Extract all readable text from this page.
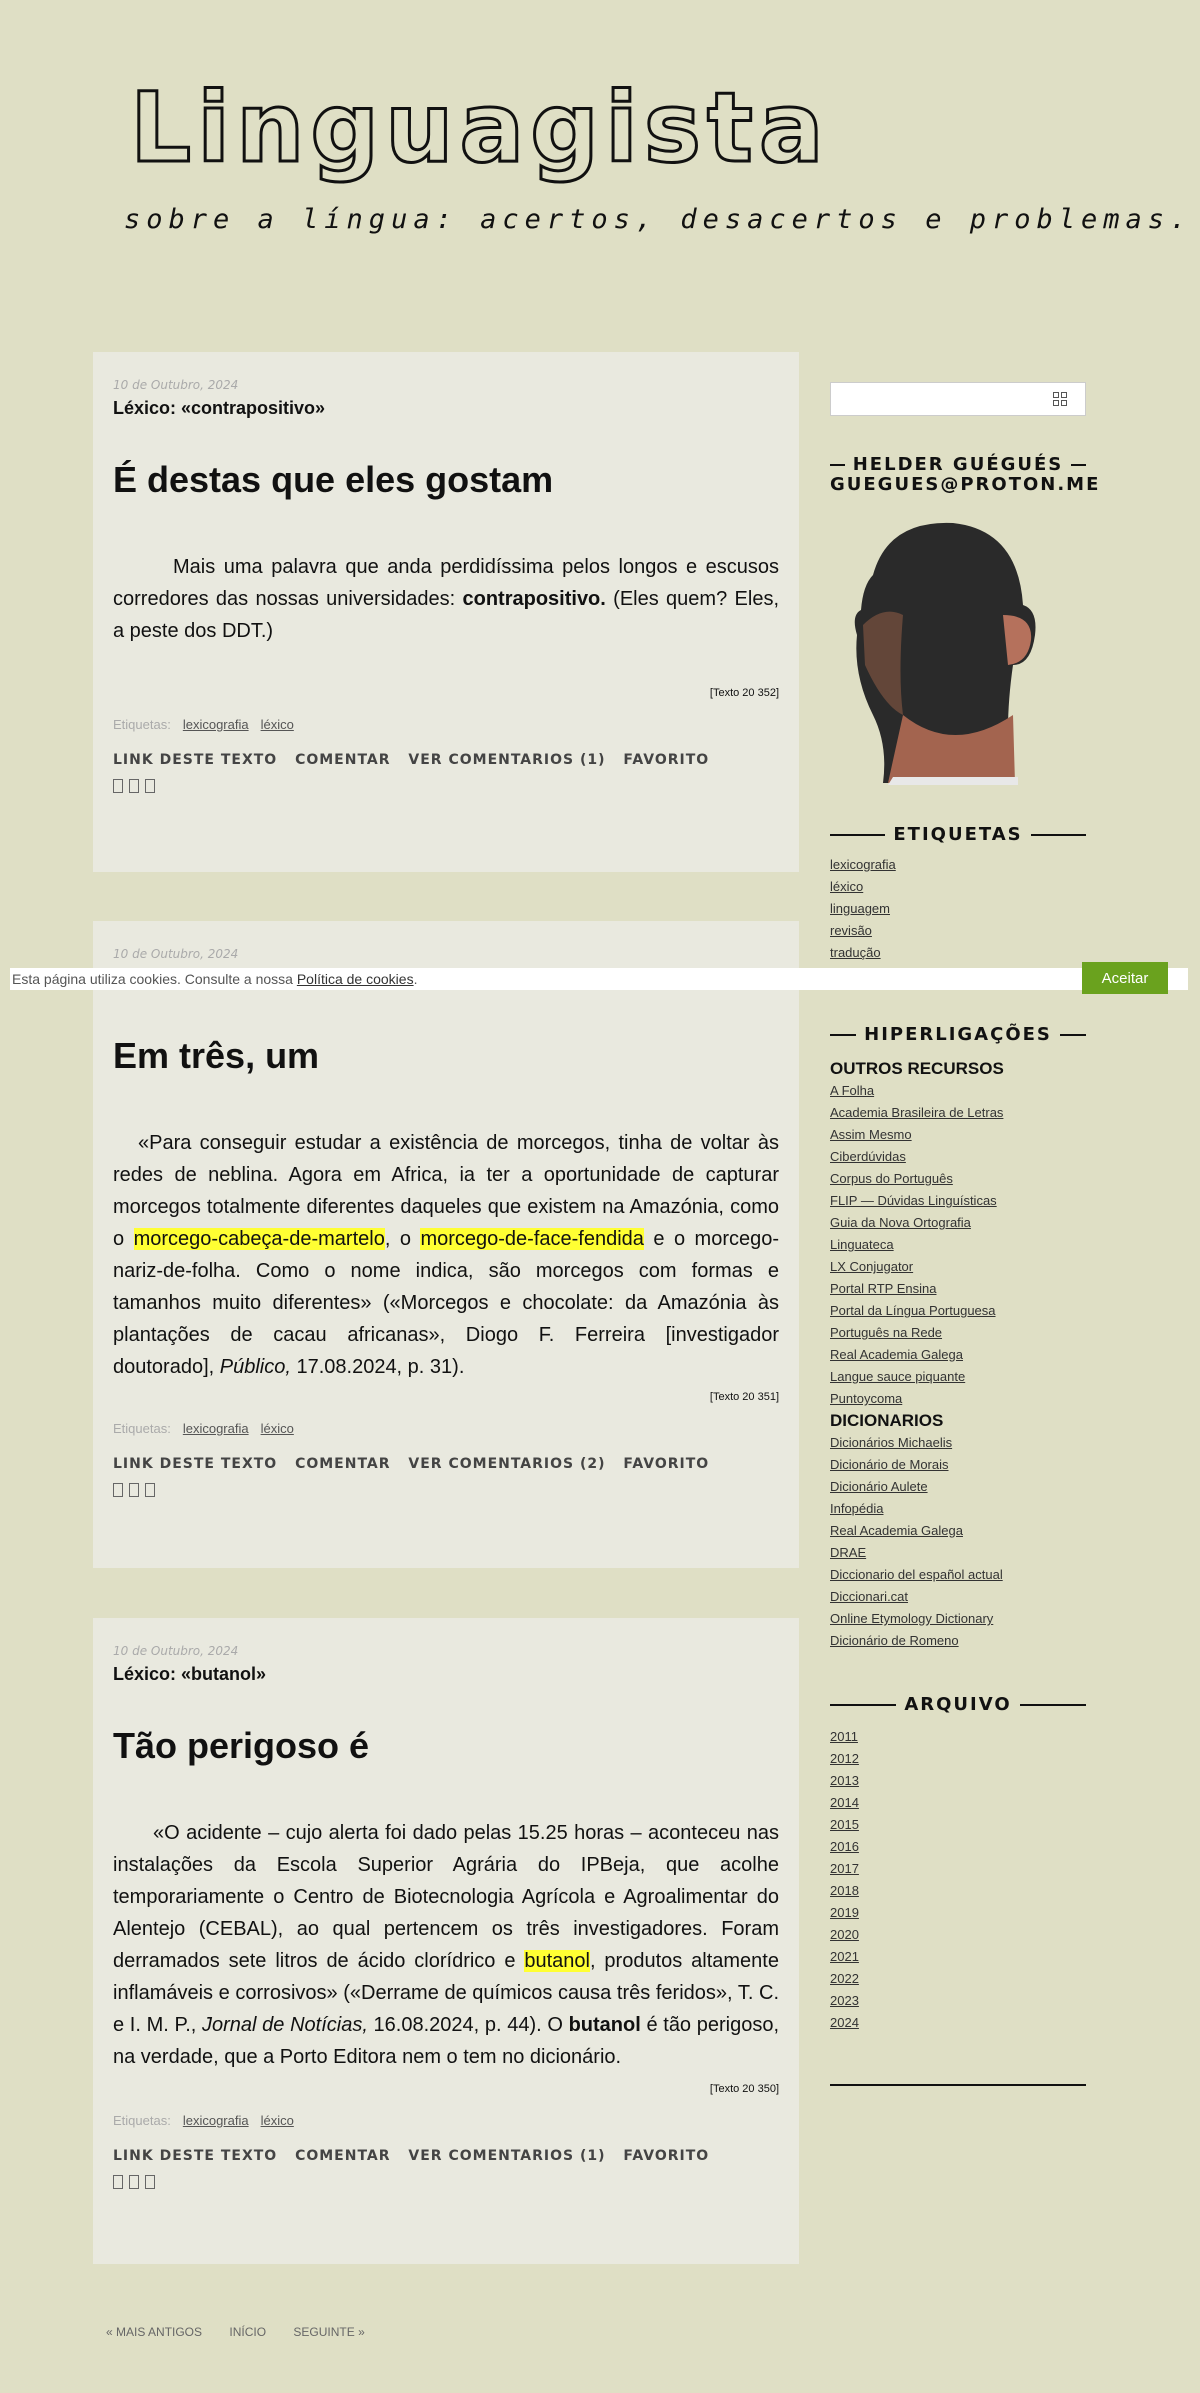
Linguagista
sobre a língua: acertos, desacertos e problemas.
10 de Outubro, 2024
Léxico: «contrapositivo»
É destas que eles gostam
Mais uma palavra que anda perdidíssima pelos longos e escusos corredores das nossas universidades: contrapositivo. (Eles quem? Eles, a peste dos DDT.)
[Texto 20 352]
Etiquetas: lexicografia léxico
LINK DESTE TEXTO COMENTAR VER COMENTARIOS (1) FAVORITO
10 de Outubro, 2024
Em três, um
«Para conseguir estudar a existência de morcegos, tinha de voltar às redes de neblina. Agora em Africa, ia ter a oportunidade de capturar morcegos totalmente diferentes daqueles que existem na Amazónia, como o morcego-cabeça-de-martelo, o morcego-de-face-fendida e o morcego-nariz-de-folha. Como o nome indica, são morcegos com formas e tamanhos muito diferentes» («Morcegos e chocolate: da Amazónia às plantações de cacau africanas», Diogo F. Ferreira [investigador doutorado], Público, 17.08.2024, p. 31).
[Texto 20 351]
Etiquetas: lexicografia léxico
LINK DESTE TEXTO COMENTAR VER COMENTARIOS (2) FAVORITO
10 de Outubro, 2024
Léxico: «butanol»
Tão perigoso é
«O acidente – cujo alerta foi dado pelas 15.25 horas – aconteceu nas instalações da Escola Superior Agrária do IPBeja, que acolhe temporariamente o Centro de Biotecnologia Agrícola e Agroalimentar do Alentejo (CEBAL), ao qual pertencem os três investigadores. Foram derramados sete litros de ácido clorídrico e butanol, produtos altamente inflamáveis e corrosivos» («Derrame de químicos causa três feridos», T. C. e I. M. P., Jornal de Notícias, 16.08.2024, p. 44). O butanol é tão perigoso, na verdade, que a Porto Editora nem o tem no dicionário.
[Texto 20 350]
Etiquetas: lexicografia léxico
LINK DESTE TEXTO COMENTAR VER COMENTARIOS (1) FAVORITO
HELDER GUÉGUÉS
GUEGUES@PROTON.ME
ETIQUETAS
lexicografia
léxico
linguagem
revisão
tradução
HIPERLIGAÇÕES
OUTROS RECURSOS
A Folha
Academia Brasileira de Letras
Assim Mesmo
Ciberdúvidas
Corpus do Português
FLIP — Dúvidas Linguísticas
Guia da Nova Ortografia
Linguateca
LX Conjugator
Portal RTP Ensina
Portal da Língua Portuguesa
Português na Rede
Real Academia Galega
Langue sauce piquante
Puntoycoma
DICIONARIOS
Dicionários Michaelis
Dicionário de Morais
Dicionário Aulete
Infopédia
Real Academia Galega
DRAE
Diccionario del español actual
Diccionari.cat
Online Etymology Dictionary
Dicionário de Romeno
ARQUIVO
2011
2012
2013
2014
2015
2016
2017
2018
2019
2020
2021
2022
2023
2024
Esta página utiliza cookies. Consulte a nossa Política de cookies.	Aceitar
« MAIS ANTIGOS INÍCIO SEGUINTE »
